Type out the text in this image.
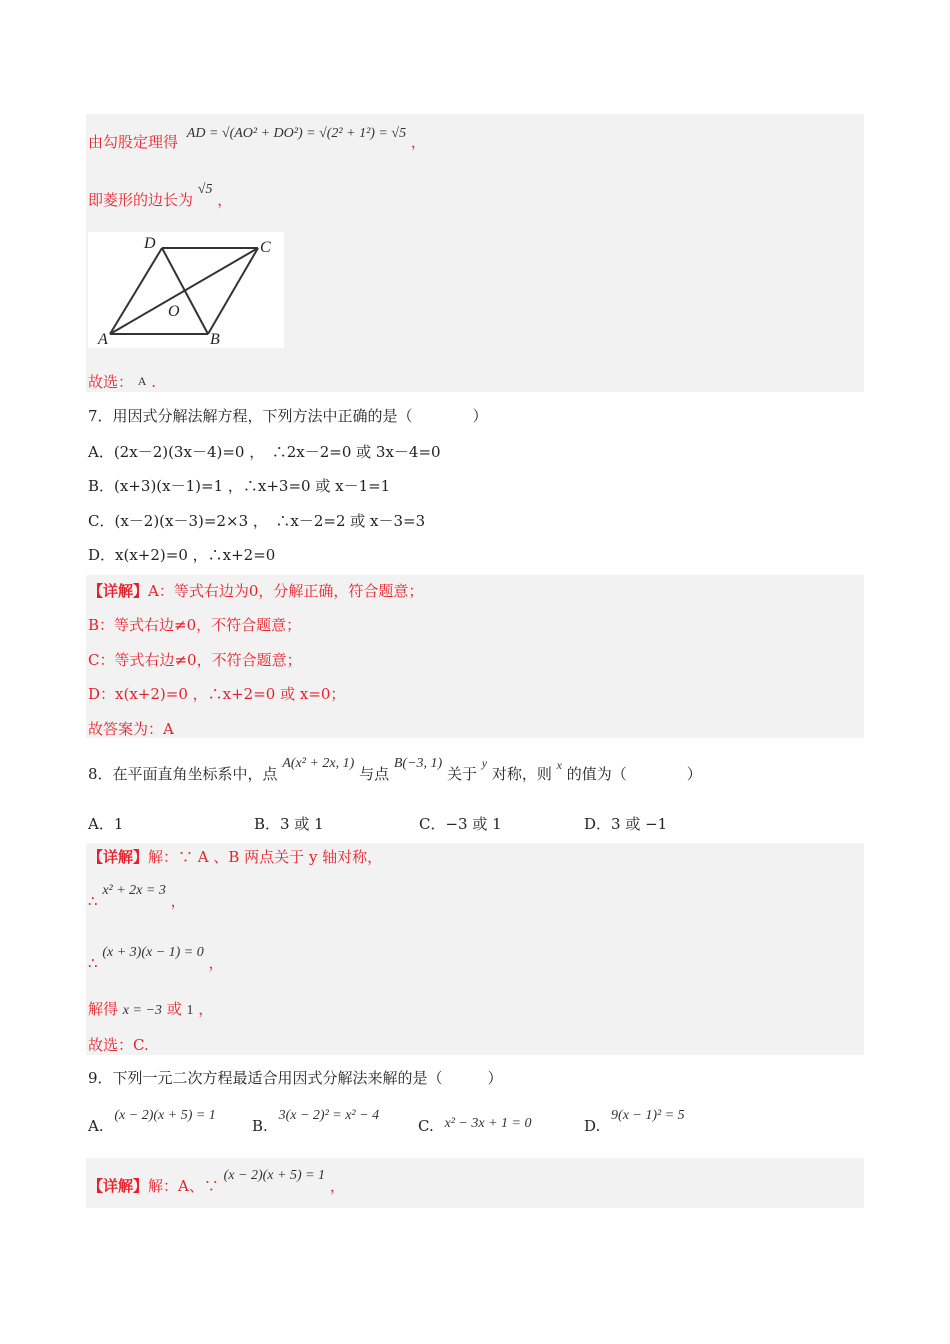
由勾股定理得 AD = √(AO² + DO²) = √(2² + 1²) = √5 ，
即菱形的边长为 √5 ，
D	C
O
A	B
故选： A .
7．用因式分解法解方程，下列方法中正确的是（　　　　）
A．(2x－2)(3x－4)=0 ，　∴2x－2=0 或 3x－4=0
B．(x+3)(x－1)=1 ，∴x+3=0 或 x－1=1
C．(x－2)(x－3)=2×3 ，　∴x－2=2 或 x－3=3
D．x(x+2)=0 ，∴x+2=0
【详解】A：等式右边为0，分解正确，符合题意；
B：等式右边≠0，不符合题意；
C：等式右边≠0，不符合题意；
D：x(x+2)=0 ，∴x+2=0 或 x=0；
故答案为：A
8．在平面直角坐标系中，点 A(x² + 2x, 1) 与点 B(−3, 1) 关于 $^y$ 对称，则 $^x$ 的值为（　　　　）
A．1	B．3 或 1	C．−3 或 1	D．3 或 −1
【详解】解：∵ A 、B 两点关于 y 轴对称，
∴ x² + 2x = 3 ，
∴ (x + 3)(x − 1) = 0 ，
解得 x = −3 或 1 ，
故选：C.
9．下列一元二次方程最适合用因式分解法来解的是（　　　）
A. (x − 2)(x + 5) = 1
B. 3(x − 2)² = x² − 4
C. x² − 3x + 1 = 0	D. 9(x − 1)² = 5
【详解】解：A、∵ (x − 2)(x + 5) = 1 ，
